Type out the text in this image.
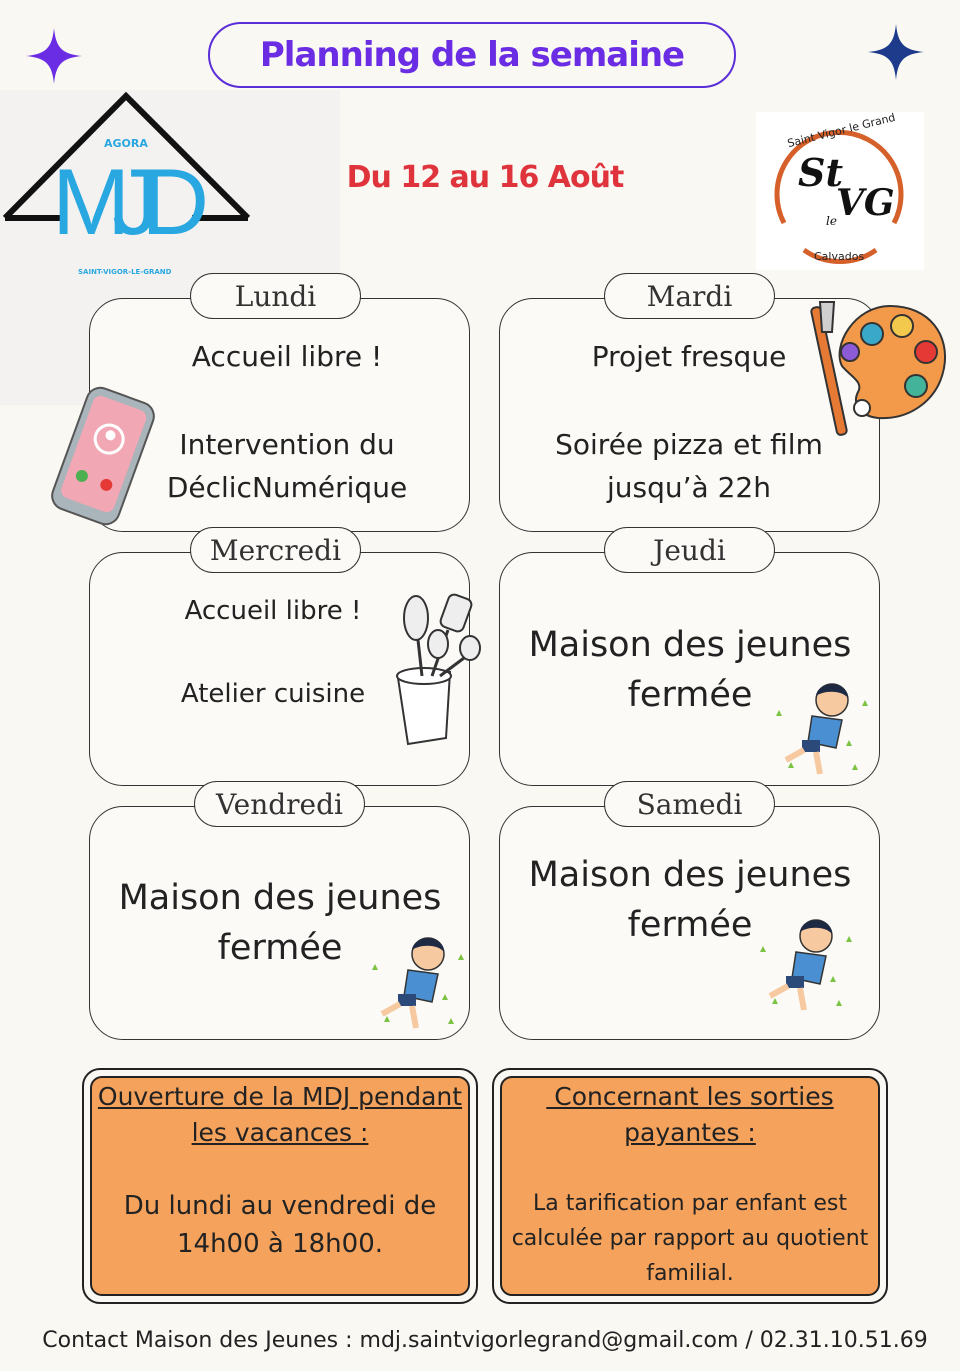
Planning de la semaine
Du 12 au 16 Août
AGORA
MJD
SAINT-VIGOR-LE-GRAND
Saint Vigor le Grand
St
le VG
Calvados
Lundi
Accueil libre !
Intervention du
DéclicNumérique
Mardi
Projet fresque
Soirée pizza et film
jusqu’à 22h
Mercredi
Accueil libre !
Atelier cuisine
Jeudi
Maison des jeunes
fermée
Vendredi
Maison des jeunes
fermée
Samedi
Maison des jeunes
fermée
Ouverture de la MDJ pendant
les vacances :
Du lundi au vendredi de
14h00 à 18h00.
Concernant les sorties
payantes :
La tarification par enfant est
calculée par rapport au quotient
familial.
Contact Maison des Jeunes : mdj.saintvigorlegrand@gmail.com / 02.31.10.51.69
